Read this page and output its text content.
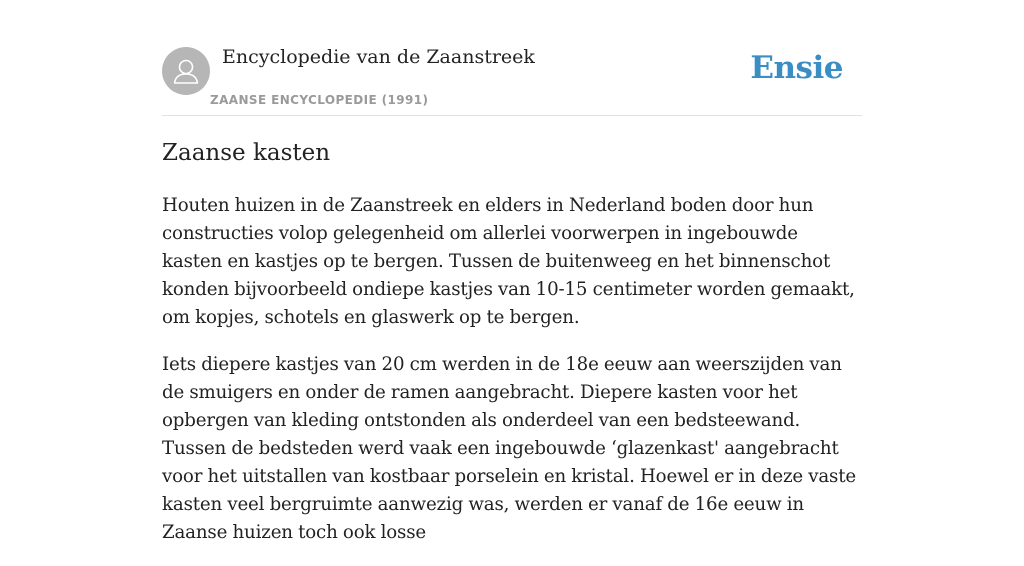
Encyclopedie van de Zaanstreek
ZAANSE ENCYCLOPEDIE (1991)
Ensie
Zaanse kasten

Houten huizen in de Zaanstreek en elders in Nederland boden door hun constructies volop gelegenheid om allerlei voorwerpen in ingebouwde kasten en kastjes op te bergen. Tussen de buitenweeg en het binnenschot konden bijvoorbeeld ondiepe kastjes van 10-15 centimeter worden gemaakt, om kopjes, schotels en glaswerk op te bergen.

Iets diepere kastjes van 20 cm werden in de 18e eeuw aan weerszijden van de smuigers en onder de ramen aangebracht. Diepere kasten voor het opbergen van kleding ontstonden als onderdeel van een bedsteewand. Tussen de bedsteden werd vaak een ingebouwde ‘glazenkast' aangebracht voor het uitstallen van kostbaar porselein en kristal. Hoewel er in deze vaste kasten veel bergruimte aanwezig was, werden er vanaf de 16e eeuw in Zaanse huizen toch ook losse
